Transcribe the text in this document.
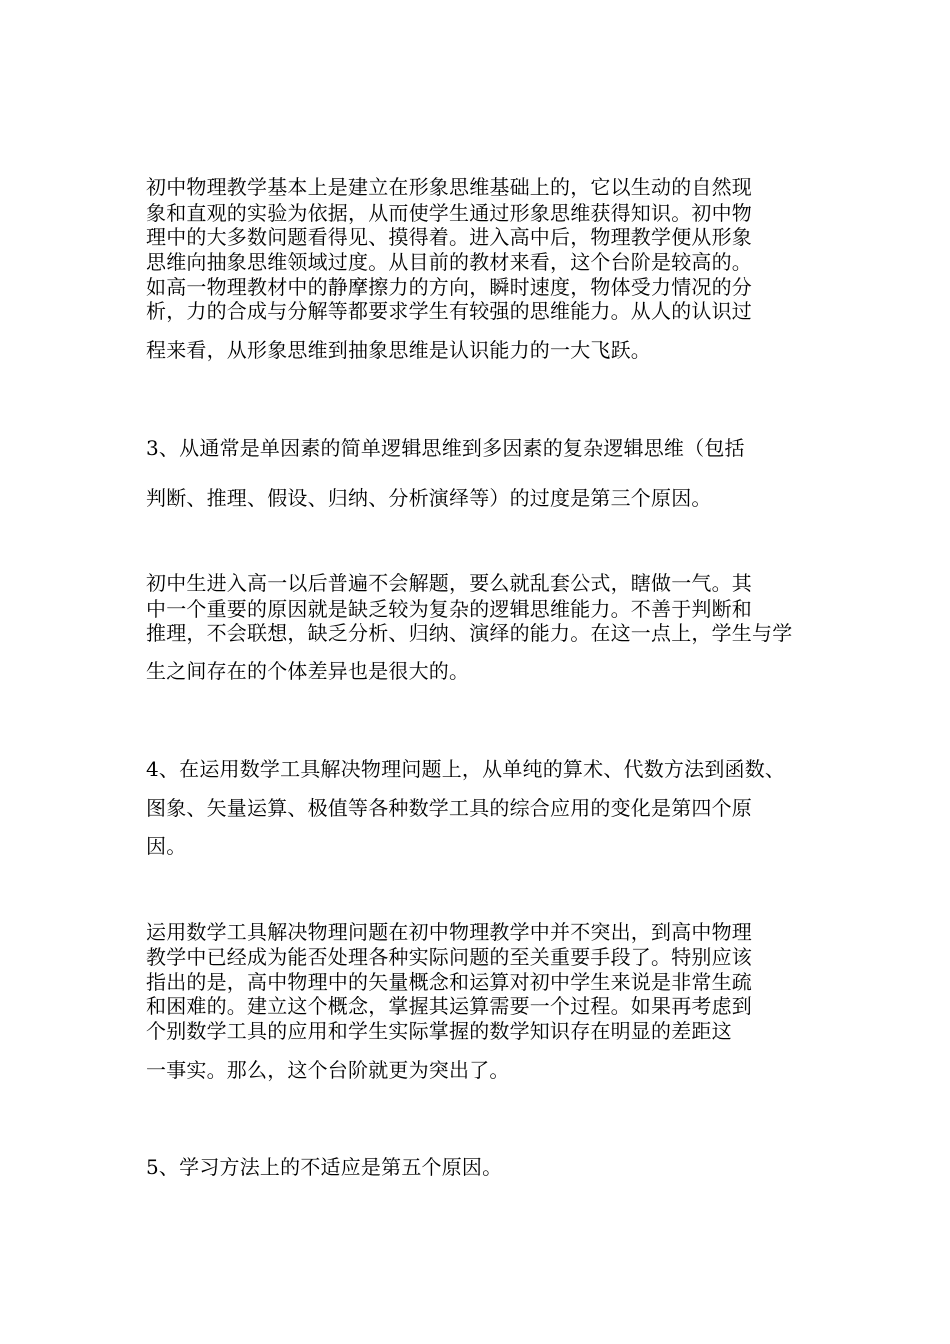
初中物理教学基本上是建立在形象思维基础上的，它以生动的自然现
象和直观的实验为依据，从而使学生通过形象思维获得知识。初中物
理中的大多数问题看得见、摸得着。进入高中后，物理教学便从形象
思维向抽象思维领域过度。从目前的教材来看，这个台阶是较高的。
如高一物理教材中的静摩擦力的方向，瞬时速度，物体受力情况的分
析，力的合成与分解等都要求学生有较强的思维能力。从人的认识过
程来看，从形象思维到抽象思维是认识能力的一大飞跃。
3、从通常是单因素的简单逻辑思维到多因素的复杂逻辑思维（包括
判断、推理、假设、归纳、分析演绎等）的过度是第三个原因。
初中生进入高一以后普遍不会解题，要么就乱套公式，瞎做一气。其
中一个重要的原因就是缺乏较为复杂的逻辑思维能力。不善于判断和
推理，不会联想，缺乏分析、归纳、演绎的能力。在这一点上，学生与学
生之间存在的个体差异也是很大的。
4、在运用数学工具解决物理问题上，从单纯的算术、代数方法到函数、
图象、矢量运算、极值等各种数学工具的综合应用的变化是第四个原
因。
运用数学工具解决物理问题在初中物理教学中并不突出，到高中物理
教学中已经成为能否处理各种实际问题的至关重要手段了。特别应该
指出的是，高中物理中的矢量概念和运算对初中学生来说是非常生疏
和困难的。建立这个概念，掌握其运算需要一个过程。如果再考虑到
个别数学工具的应用和学生实际掌握的数学知识存在明显的差距这
一事实。那么，这个台阶就更为突出了。
5、学习方法上的不适应是第五个原因。
